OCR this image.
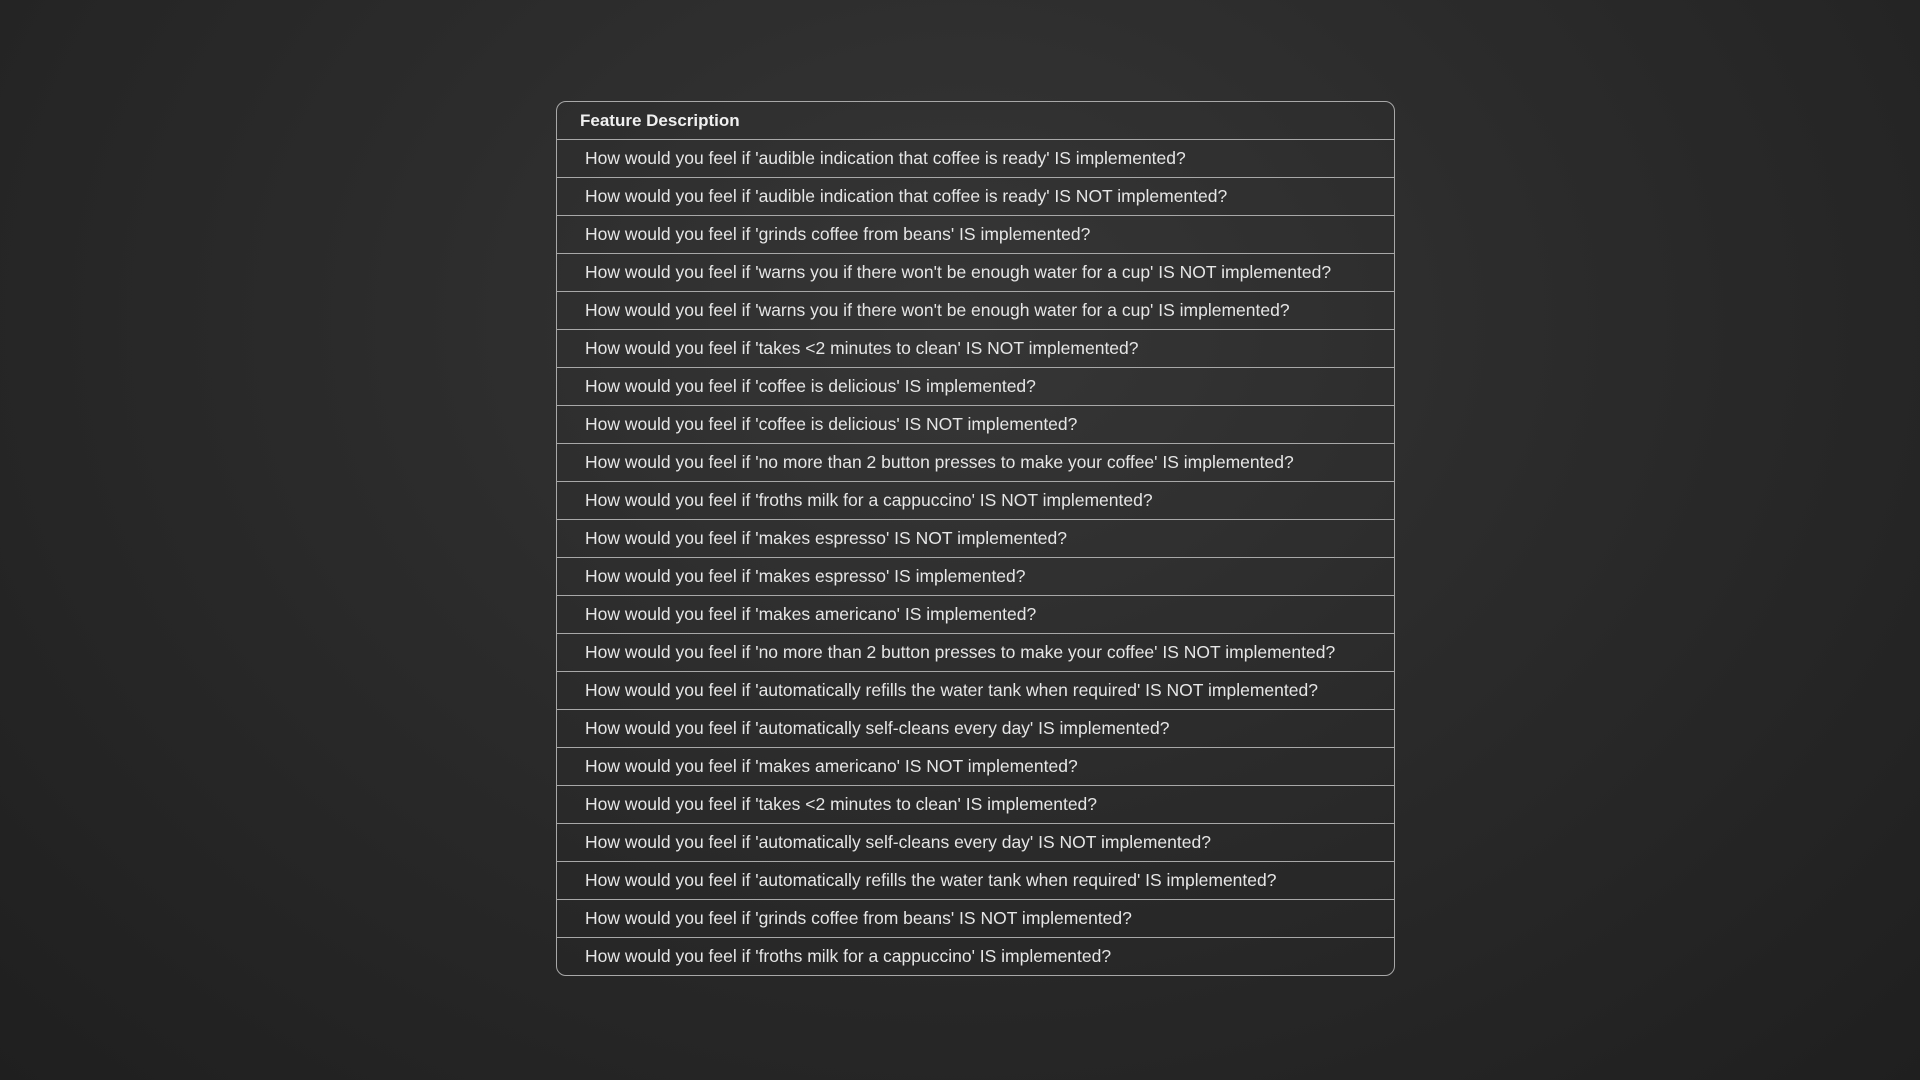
Feature Description
How would you feel if 'audible indication that coffee is ready' IS implemented?
How would you feel if 'audible indication that coffee is ready' IS NOT implemented?
How would you feel if 'grinds coffee from beans' IS implemented?
How would you feel if 'warns you if there won't be enough water for a cup' IS NOT implemented?
How would you feel if 'warns you if there won't be enough water for a cup' IS implemented?
How would you feel if 'takes <2 minutes to clean' IS NOT implemented?
How would you feel if 'coffee is delicious' IS implemented?
How would you feel if 'coffee is delicious' IS NOT implemented?
How would you feel if 'no more than 2 button presses to make your coffee' IS implemented?
How would you feel if 'froths milk for a cappuccino' IS NOT implemented?
How would you feel if 'makes espresso' IS NOT implemented?
How would you feel if 'makes espresso' IS implemented?
How would you feel if 'makes americano' IS implemented?
How would you feel if 'no more than 2 button presses to make your coffee' IS NOT implemented?
How would you feel if 'automatically refills the water tank when required' IS NOT implemented?
How would you feel if 'automatically self-cleans every day' IS implemented?
How would you feel if 'makes americano' IS NOT implemented?
How would you feel if 'takes <2 minutes to clean' IS implemented?
How would you feel if 'automatically self-cleans every day' IS NOT implemented?
How would you feel if 'automatically refills the water tank when required' IS implemented?
How would you feel if 'grinds coffee from beans' IS NOT implemented?
How would you feel if 'froths milk for a cappuccino' IS implemented?
